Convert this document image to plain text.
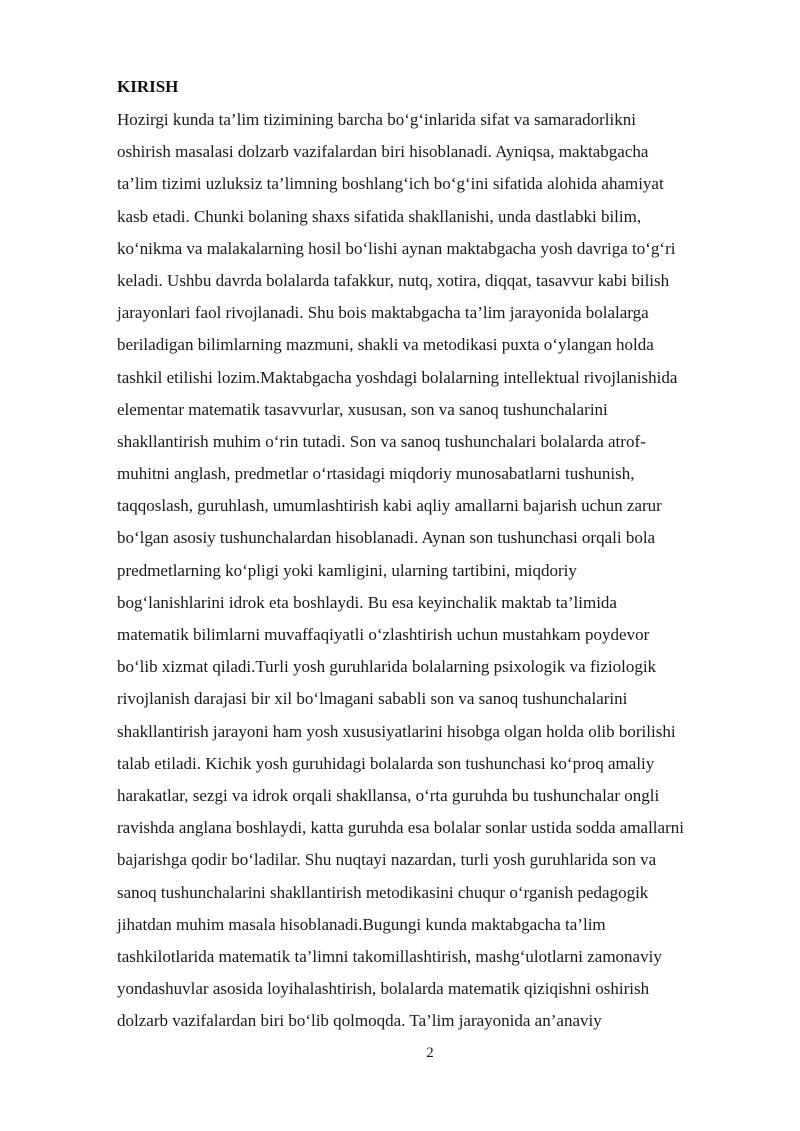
KIRISH
Hozirgi kunda ta’lim tizimining barcha bo‘g‘inlarida sifat va samaradorlikni
oshirish masalasi dolzarb vazifalardan biri hisoblanadi. Ayniqsa, maktabgacha
ta’lim tizimi uzluksiz ta’limning boshlang‘ich bo‘g‘ini sifatida alohida ahamiyat
kasb etadi. Chunki bolaning shaxs sifatida shakllanishi, unda dastlabki bilim,
ko‘nikma va malakalarning hosil bo‘lishi aynan maktabgacha yosh davriga to‘g‘ri
keladi. Ushbu davrda bolalarda tafakkur, nutq, xotira, diqqat, tasavvur kabi bilish
jarayonlari faol rivojlanadi. Shu bois maktabgacha ta’lim jarayonida bolalarga
beriladigan bilimlarning mazmuni, shakli va metodikasi puxta o‘ylangan holda
tashkil etilishi lozim.Maktabgacha yoshdagi bolalarning intellektual rivojlanishida
elementar matematik tasavvurlar, xususan, son va sanoq tushunchalarini
shakllantirish muhim o‘rin tutadi. Son va sanoq tushunchalari bolalarda atrof-
muhitni anglash, predmetlar o‘rtasidagi miqdoriy munosabatlarni tushunish,
taqqoslash, guruhlash, umumlashtirish kabi aqliy amallarni bajarish uchun zarur
bo‘lgan asosiy tushunchalardan hisoblanadi. Aynan son tushunchasi orqali bola
predmetlarning ko‘pligi yoki kamligini, ularning tartibini, miqdoriy
bog‘lanishlarini idrok eta boshlaydi. Bu esa keyinchalik maktab ta’limida
matematik bilimlarni muvaffaqiyatli o‘zlashtirish uchun mustahkam poydevor
bo‘lib xizmat qiladi.Turli yosh guruhlarida bolalarning psixologik va fiziologik
rivojlanish darajasi bir xil bo‘lmagani sababli son va sanoq tushunchalarini
shakllantirish jarayoni ham yosh xususiyatlarini hisobga olgan holda olib borilishi
talab etiladi. Kichik yosh guruhidagi bolalarda son tushunchasi ko‘proq amaliy
harakatlar, sezgi va idrok orqali shakllansa, o‘rta guruhda bu tushunchalar ongli
ravishda anglana boshlaydi, katta guruhda esa bolalar sonlar ustida sodda amallarni
bajarishga qodir bo‘ladilar. Shu nuqtayi nazardan, turli yosh guruhlarida son va
sanoq tushunchalarini shakllantirish metodikasini chuqur o‘rganish pedagogik
jihatdan muhim masala hisoblanadi.Bugungi kunda maktabgacha ta’lim
tashkilotlarida matematik ta’limni takomillashtirish, mashg‘ulotlarni zamonaviy
yondashuvlar asosida loyihalashtirish, bolalarda matematik qiziqishni oshirish
dolzarb vazifalardan biri bo‘lib qolmoqda. Ta’lim jarayonida an’anaviy
2
